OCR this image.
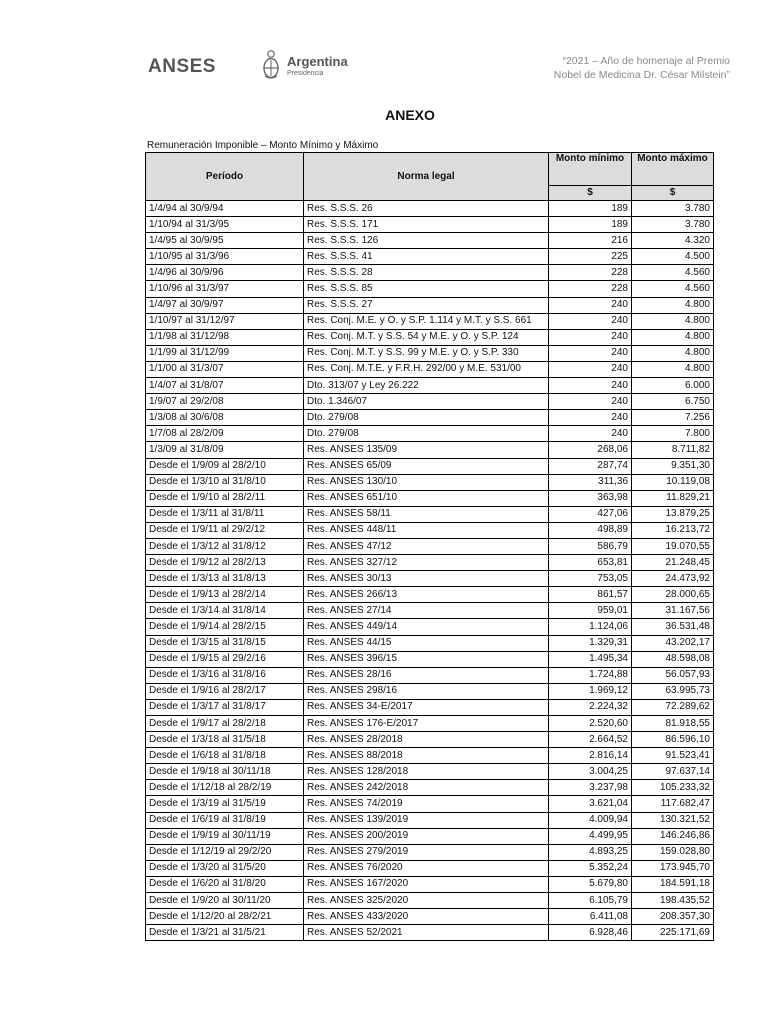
ANSES	Argentina
Presidencia
“2021 – Año de homenaje al Premio
Nobel de Medicina Dr. César Milstein”
ANEXO
Remuneración Imponible – Monto Mínimo y Máximo
Período	Norma legal	Monto mínimo	Monto máximo
		$	$
1/4/94 al 30/9/94	Res. S.S.S. 26	189	3.780
1/10/94 al 31/3/95	Res. S.S.S. 171	189	3.780
1/4/95 al 30/9/95	Res. S.S.S. 126	216	4.320
1/10/95 al 31/3/96	Res. S.S.S. 41	225	4.500
1/4/96 al 30/9/96	Res. S.S.S. 28	228	4.560
1/10/96 al 31/3/97	Res. S.S.S. 85	228	4.560
1/4/97 al 30/9/97	Res. S.S.S. 27	240	4.800
1/10/97 al 31/12/97	Res. Conj. M.E. y O. y S.P. 1.114 y M.T. y S.S. 661	240	4.800
1/1/98 al 31/12/98	Res. Conj. M.T. y S.S. 54 y M.E. y O. y S.P. 124	240	4.800
1/1/99 al 31/12/99	Res. Conj. M.T. y S.S. 99 y M.E. y O. y S.P. 330	240	4.800
1/1/00 al 31/3/07	Res. Conj. M.T.E. y F.R.H. 292/00 y M.E. 531/00	240	4.800
1/4/07 al 31/8/07	Dto. 313/07 y Ley 26.222	240	6.000
1/9/07 al 29/2/08	Dto. 1.346/07	240	6.750
1/3/08 al 30/6/08	Dto. 279/08	240	7.256
1/7/08 al 28/2/09	Dto. 279/08	240	7.800
1/3/09 al 31/8/09	Res. ANSES 135/09	268,06	8.711,82
Desde el 1/9/09 al 28/2/10	Res. ANSES 65/09	287,74	9.351,30
Desde el 1/3/10 al 31/8/10	Res. ANSES 130/10	311,36	10.119,08
Desde el 1/9/10 al 28/2/11	Res. ANSES 651/10	363,98	11.829,21
Desde el 1/3/11 al 31/8/11	Res. ANSES 58/11	427,06	13.879,25
Desde el 1/9/11 al 29/2/12	Res. ANSES 448/11	498,89	16.213,72
Desde el 1/3/12 al 31/8/12	Res. ANSES 47/12	586,79	19.070,55
Desde el 1/9/12 al 28/2/13	Res. ANSES 327/12	653,81	21.248,45
Desde el 1/3/13 al 31/8/13	Res. ANSES 30/13	753,05	24.473,92
Desde el 1/9/13 al 28/2/14	Res. ANSES 266/13	861,57	28.000,65
Desde el 1/3/14 al 31/8/14	Res. ANSES 27/14	959,01	31.167,56
Desde el 1/9/14 al 28/2/15	Res. ANSES 449/14	1.124,06	36.531,48
Desde el 1/3/15 al 31/8/15	Res. ANSES 44/15	1.329,31	43.202,17
Desde el 1/9/15 al 29/2/16	Res. ANSES 396/15	1.495,34	48.598,08
Desde el 1/3/16 al 31/8/16	Res. ANSES 28/16	1.724,88	56.057,93
Desde el 1/9/16 al 28/2/17	Res. ANSES 298/16	1.969,12	63.995,73
Desde el 1/3/17 al 31/8/17	Res. ANSES 34-E/2017	2.224,32	72.289,62
Desde el 1/9/17 al 28/2/18	Res. ANSES 176-E/2017	2.520,60	81.918,55
Desde el 1/3/18 al 31/5/18	Res. ANSES 28/2018	2.664,52	86.596,10
Desde el 1/6/18 al 31/8/18	Res. ANSES 88/2018	2.816,14	91.523,41
Desde el 1/9/18 al 30/11/18	Res. ANSES 128/2018	3.004,25	97.637,14
Desde el 1/12/18 al 28/2/19	Res. ANSES 242/2018	3.237,98	105.233,32
Desde el 1/3/19 al 31/5/19	Res. ANSES 74/2019	3.621,04	117.682,47
Desde el 1/6/19 al 31/8/19	Res. ANSES 139/2019	4.009,94	130.321,52
Desde el 1/9/19 al 30/11/19	Res. ANSES 200/2019	4.499,95	146.246,86
Desde el 1/12/19 al 29/2/20	Res. ANSES 279/2019	4.893,25	159.028,80
Desde el 1/3/20 al 31/5/20	Res. ANSES 76/2020	5.352,24	173.945,70
Desde el 1/6/20 al 31/8/20	Res. ANSES 167/2020	5.679,80	184.591,18
Desde el 1/9/20 al 30/11/20	Res. ANSES 325/2020	6.105,79	198.435,52
Desde el 1/12/20 al 28/2/21	Res. ANSES 433/2020	6.411,08	208.357,30
Desde el 1/3/21 al 31/5/21	Res. ANSES 52/2021	6.928,46	225.171,69
